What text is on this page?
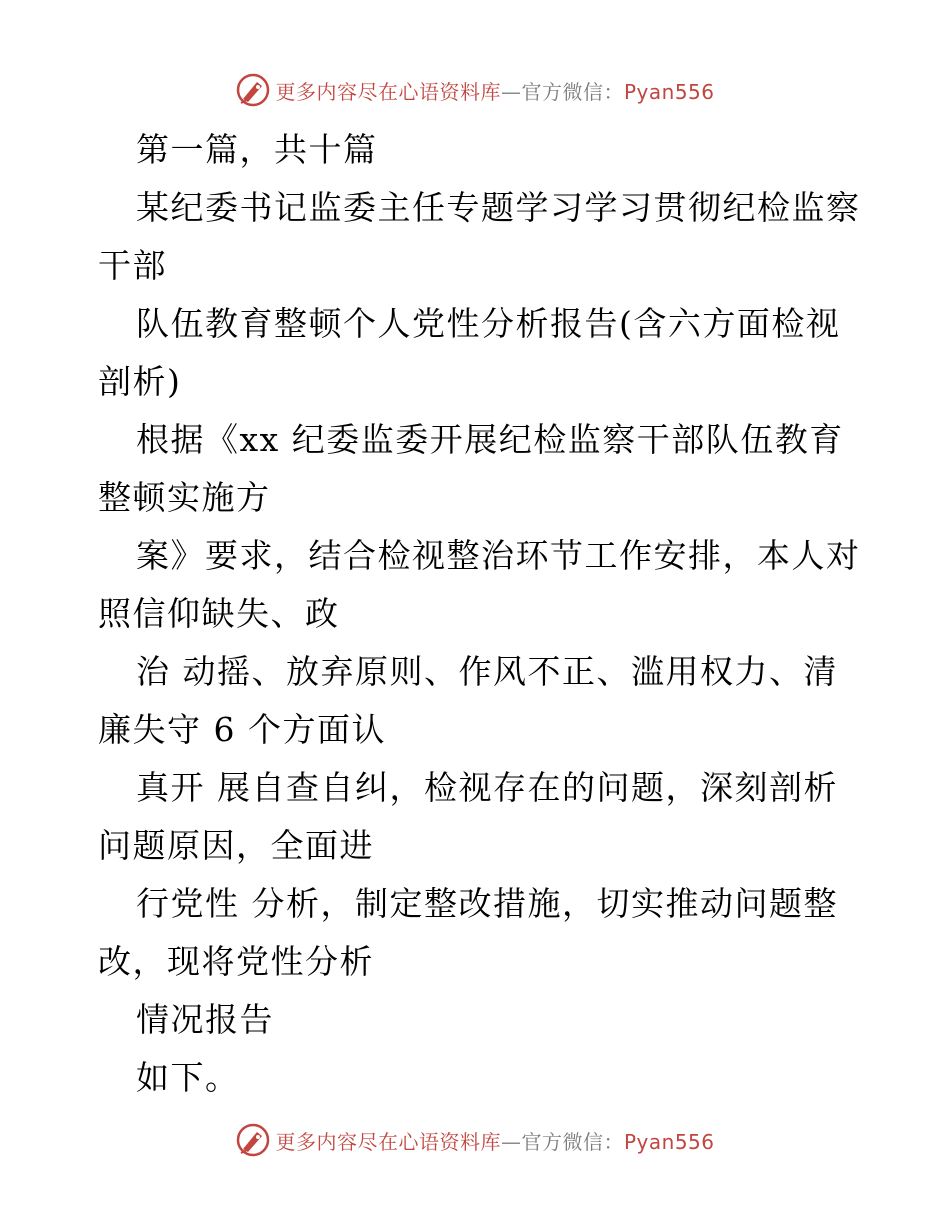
更多内容尽在心语资料库—官方微信：Pyan556
第一篇，共十篇
某纪委书记监委主任专题学习学习贯彻纪检监察
干部
队伍教育整顿个人党性分析报告(含六方面检视
剖析)
根据《xx 纪委监委开展纪检监察干部队伍教育
整顿实施方
案》要求，结合检视整治环节工作安排，本人对
照信仰缺失、政
治 动摇、放弃原则、作风不正、滥用权力、清
廉失守 6 个方面认
真开 展自查自纠，检视存在的问题，深刻剖析
问题原因，全面进
行党性 分析，制定整改措施，切实推动问题整
改，现将党性分析
情况报告
如下。
更多内容尽在心语资料库—官方微信：Pyan556
